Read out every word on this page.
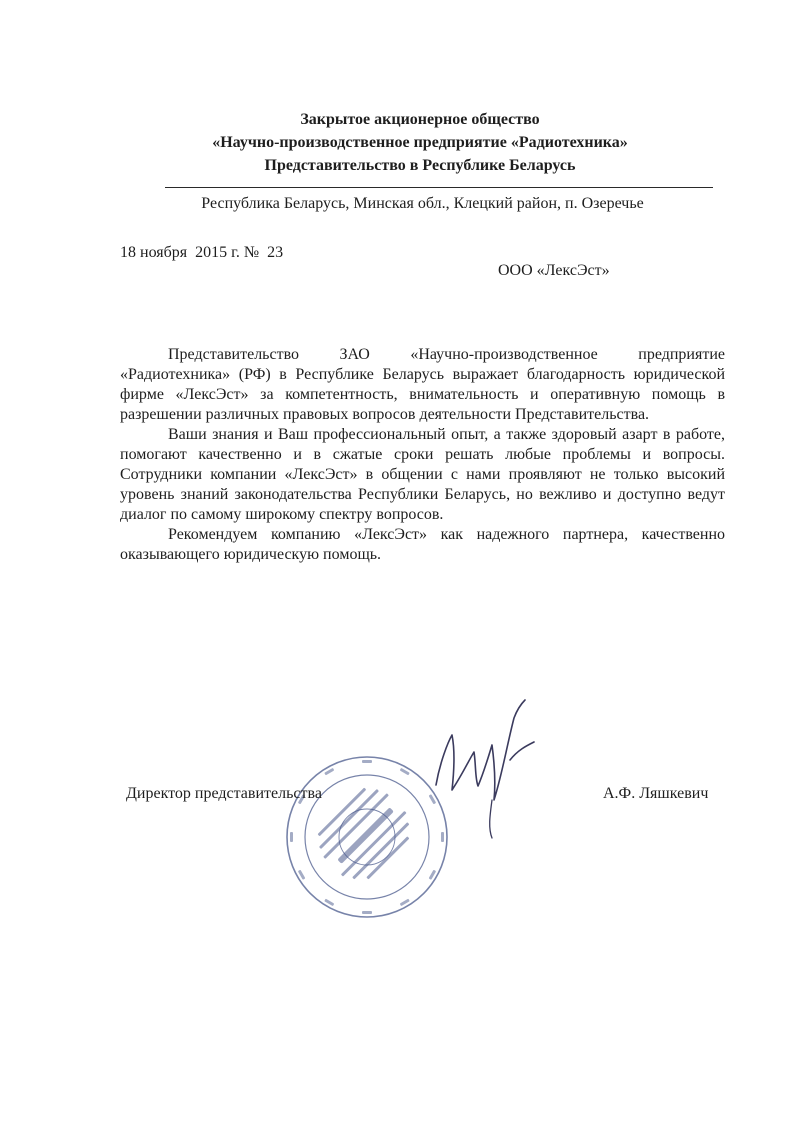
Закрытое акционерное общество
«Научно-производственное предприятие «Радиотехника»
Представительство в Республике Беларусь
Республика Беларусь, Минская обл., Клецкий район, п. Озеречье
18 ноября  2015 г. №  23
ООО «ЛексЭст»

Представительство ЗАО «Научно-производственное предприятие «Радиотехника» (РФ) в Республике Беларусь выражает благодарность юридической фирме «ЛексЭст» за компетентность, внимательность и оперативную помощь в разрешении различных правовых вопросов деятельности Представительства.

Ваши знания и Ваш профессиональный опыт, а также здоровый азарт в работе, помогают качественно и в сжатые сроки решать любые проблемы и вопросы. Сотрудники компании «ЛексЭст» в общении с нами проявляют не только высокий уровень знаний законодательства Республики Беларусь, но вежливо и доступно ведут диалог по самому широкому спектру вопросов.

Рекомендуем компанию «ЛексЭст» как надежного партнера, качественно оказывающего юридическую помощь.

Директор представительства	А.Ф. Ляшкевич
